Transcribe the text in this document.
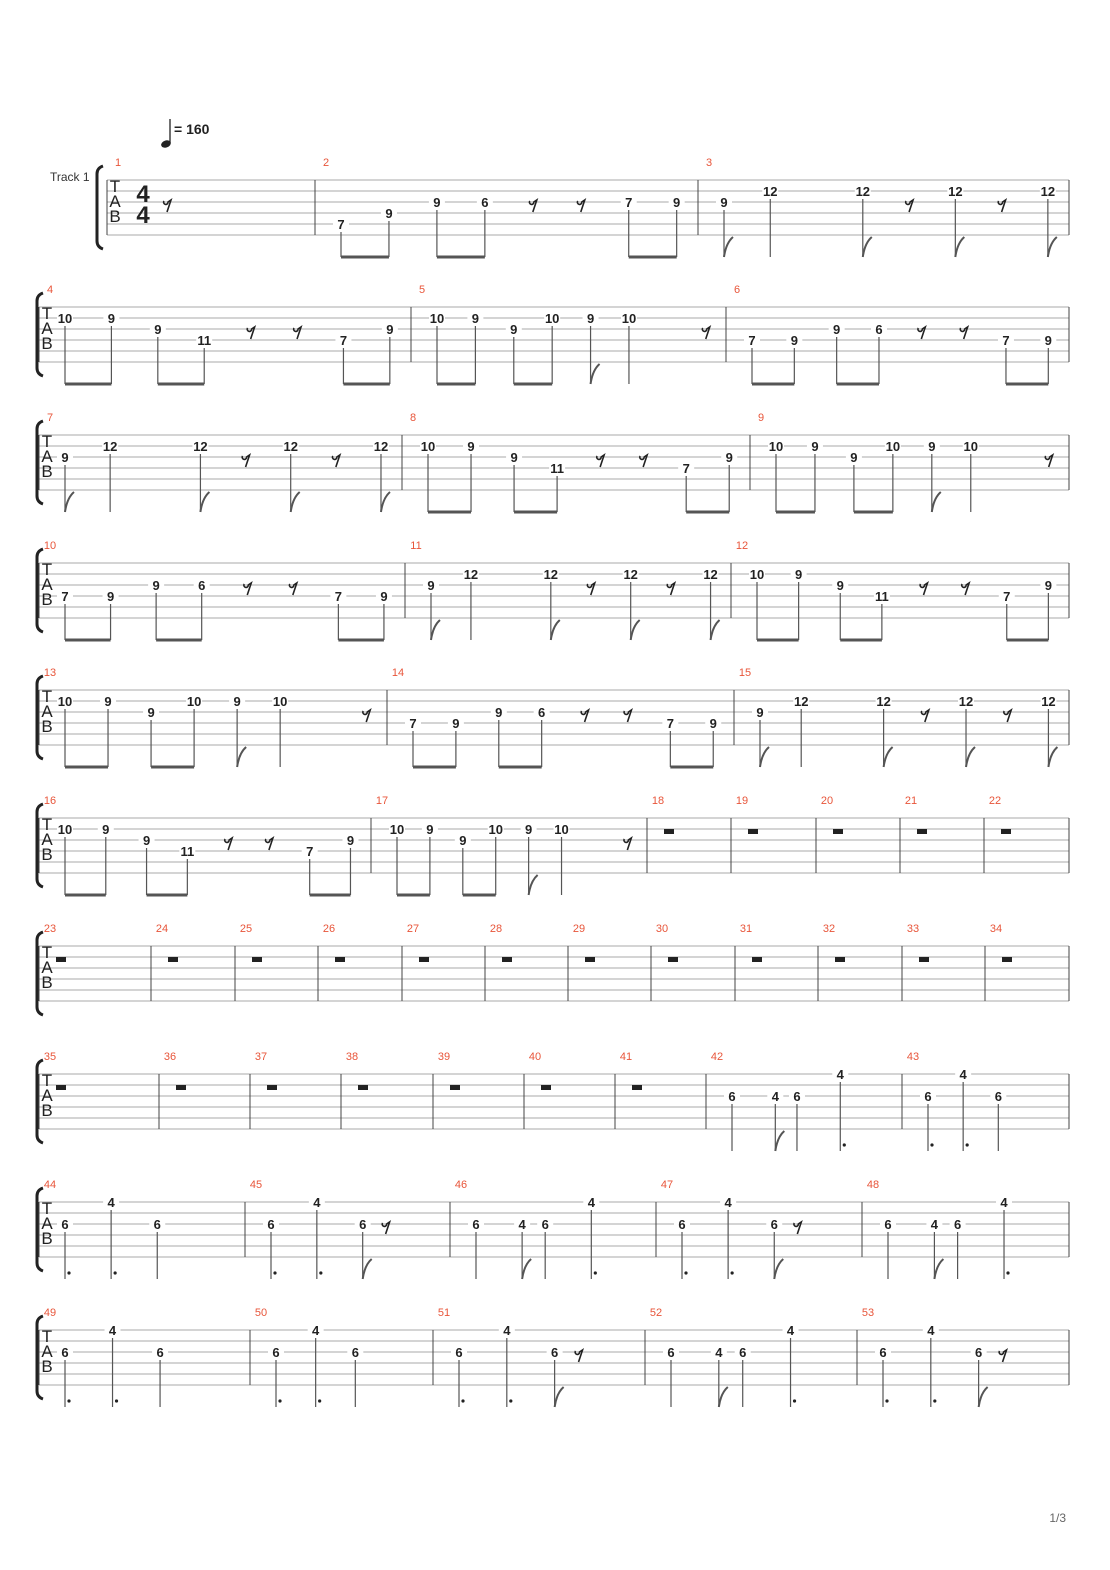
= 160
Track 1 T
A
B
4
4
1	2
7
9
9	6	7	9
3
9
12	12	12	12
T
A
B
4
10	9
9
11	7
9
5
10 9
9
10 9 10
6
7	9
9	6
7	9
T
A
B
7
9
12	12	12	12
8
10 9
9
11	7
9
9
10 9
9
10 9 10
T
A
B
10
7	9
9	6
7	9
11
9
12	12	12	12
12
10 9
9
11	7
9
T
A
B
13
10 9
9
10 9 10
14
7	9
9	6
7	9
15
9
12	12	12	12
T
A
B
16
10 9
9
11	7
9
17
10 9
9
10 9 10
18	19	20	21	22
T
A
B
23	24	25	26	27	28	29	30	31	32	33	34
T
A
B
35	36	37	38	39	40	41	42
6	4 6
4
43
6
4
6
T
A
B
44
6
4
6
45
6
4
6
46
6	4 6
4
47
6
4
6
48
6	4 6
4
T
A
B
49
6
4
6
50
6
4
6
51
6
4
6
52
6	4 6
4
53
6
4
6
1/3
